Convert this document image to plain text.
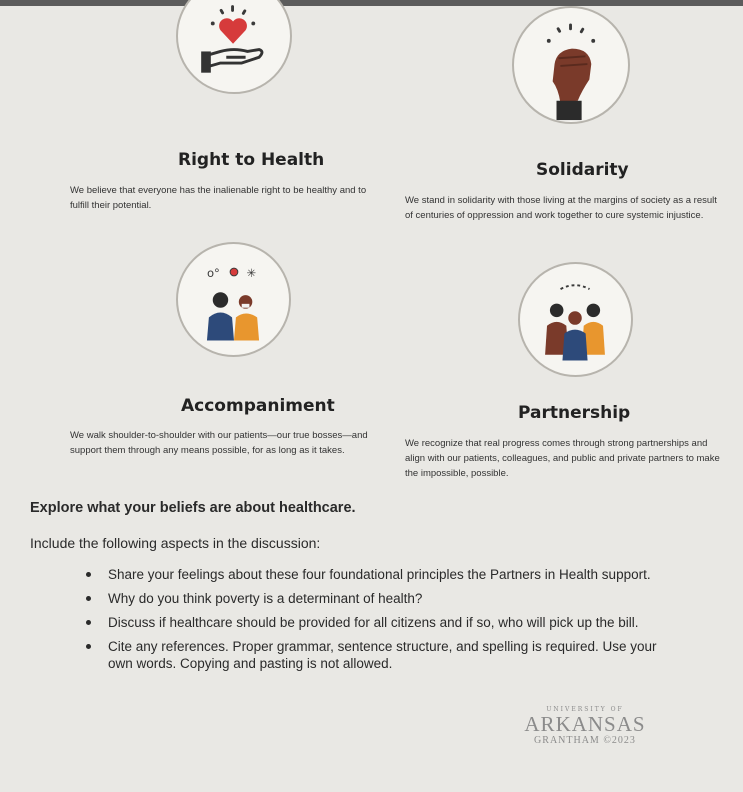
Right to Health
We believe that everyone has the inalienable right to be healthy and to fulfill their potential.
Solidarity
We stand in solidarity with those living at the margins of society as a result of centuries of oppression and work together to cure systemic injustice.
o° ✳
Accompaniment
We walk shoulder-to-shoulder with our patients—our true bosses—and support them through any means possible, for as long as it takes.
Partnership
We recognize that real progress comes through strong partnerships and align with our patients, colleagues, and public and private partners to make the impossible, possible.
Explore what your beliefs are about healthcare.
Include the following aspects in the discussion:
Share your feelings about these four foundational principles the Partners in Health support.
Why do you think poverty is a determinant of health?
Discuss if healthcare should be provided for all citizens and if so, who will pick up the bill.
Cite any references. Proper grammar, sentence structure, and spelling is required. Use your own words. Copying and pasting is not allowed.
UNIVERSITY OF
ARKANSAS
GRANTHAM ©2023
